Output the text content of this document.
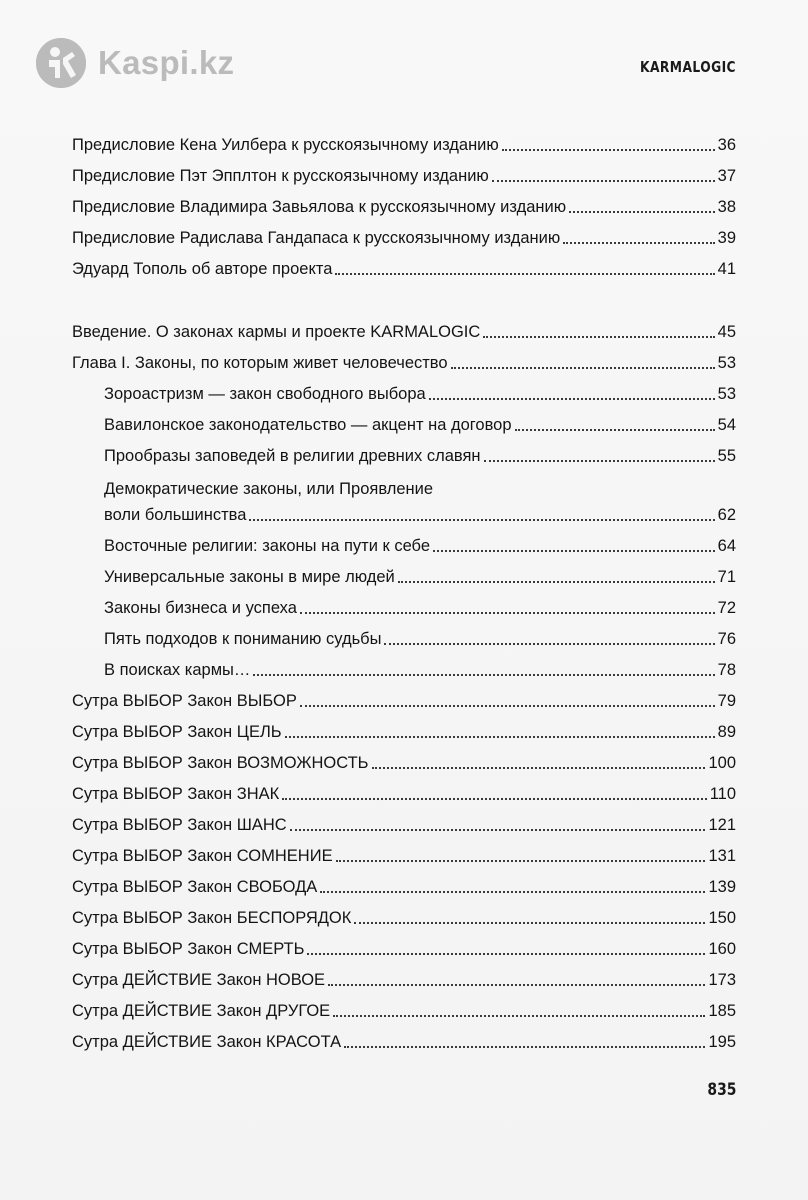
Kaspi.kz	KARMALOGIC
Предисловие Кена Уилбера к русскоязычному изданию	36
Предисловие Пэт Эпплтон к русскоязычному изданию	37
Предисловие Владимира Завьялова к русскоязычному изданию	38
Предисловие Радислава Гандапаса к русскоязычному изданию	39
Эдуард Тополь об авторе проекта	41
Введение. О законах кармы и проекте KARMALOGIC	45
Глава I. Законы, по которым живет человечество	53
Зороастризм — закон свободного выбора	53
Вавилонское законодательство — акцент на договор	54
Прообразы заповедей в религии древних славян	55
Демократические законы, или Проявление
воли большинства	62
Восточные религии: законы на пути к себе	64
Универсальные законы в мире людей	71
Законы бизнеса и успеха	72
Пять подходов к пониманию судьбы	76
В поисках кармы…	78
Сутра ВЫБОР Закон ВЫБОР	79
Сутра ВЫБОР Закон ЦЕЛЬ	89
Сутра ВЫБОР Закон ВОЗМОЖНОСТЬ	100
Сутра ВЫБОР Закон ЗНАК	110
Сутра ВЫБОР Закон ШАНС	121
Сутра ВЫБОР Закон СОМНЕНИЕ	131
Сутра ВЫБОР Закон СВОБОДА	139
Сутра ВЫБОР Закон БЕСПОРЯДОК	150
Сутра ВЫБОР Закон СМЕРТЬ	160
Сутра ДЕЙСТВИЕ Закон НОВОЕ	173
Сутра ДЕЙСТВИЕ Закон ДРУГОЕ	185
Сутра ДЕЙСТВИЕ Закон КРАСОТА	195
835
